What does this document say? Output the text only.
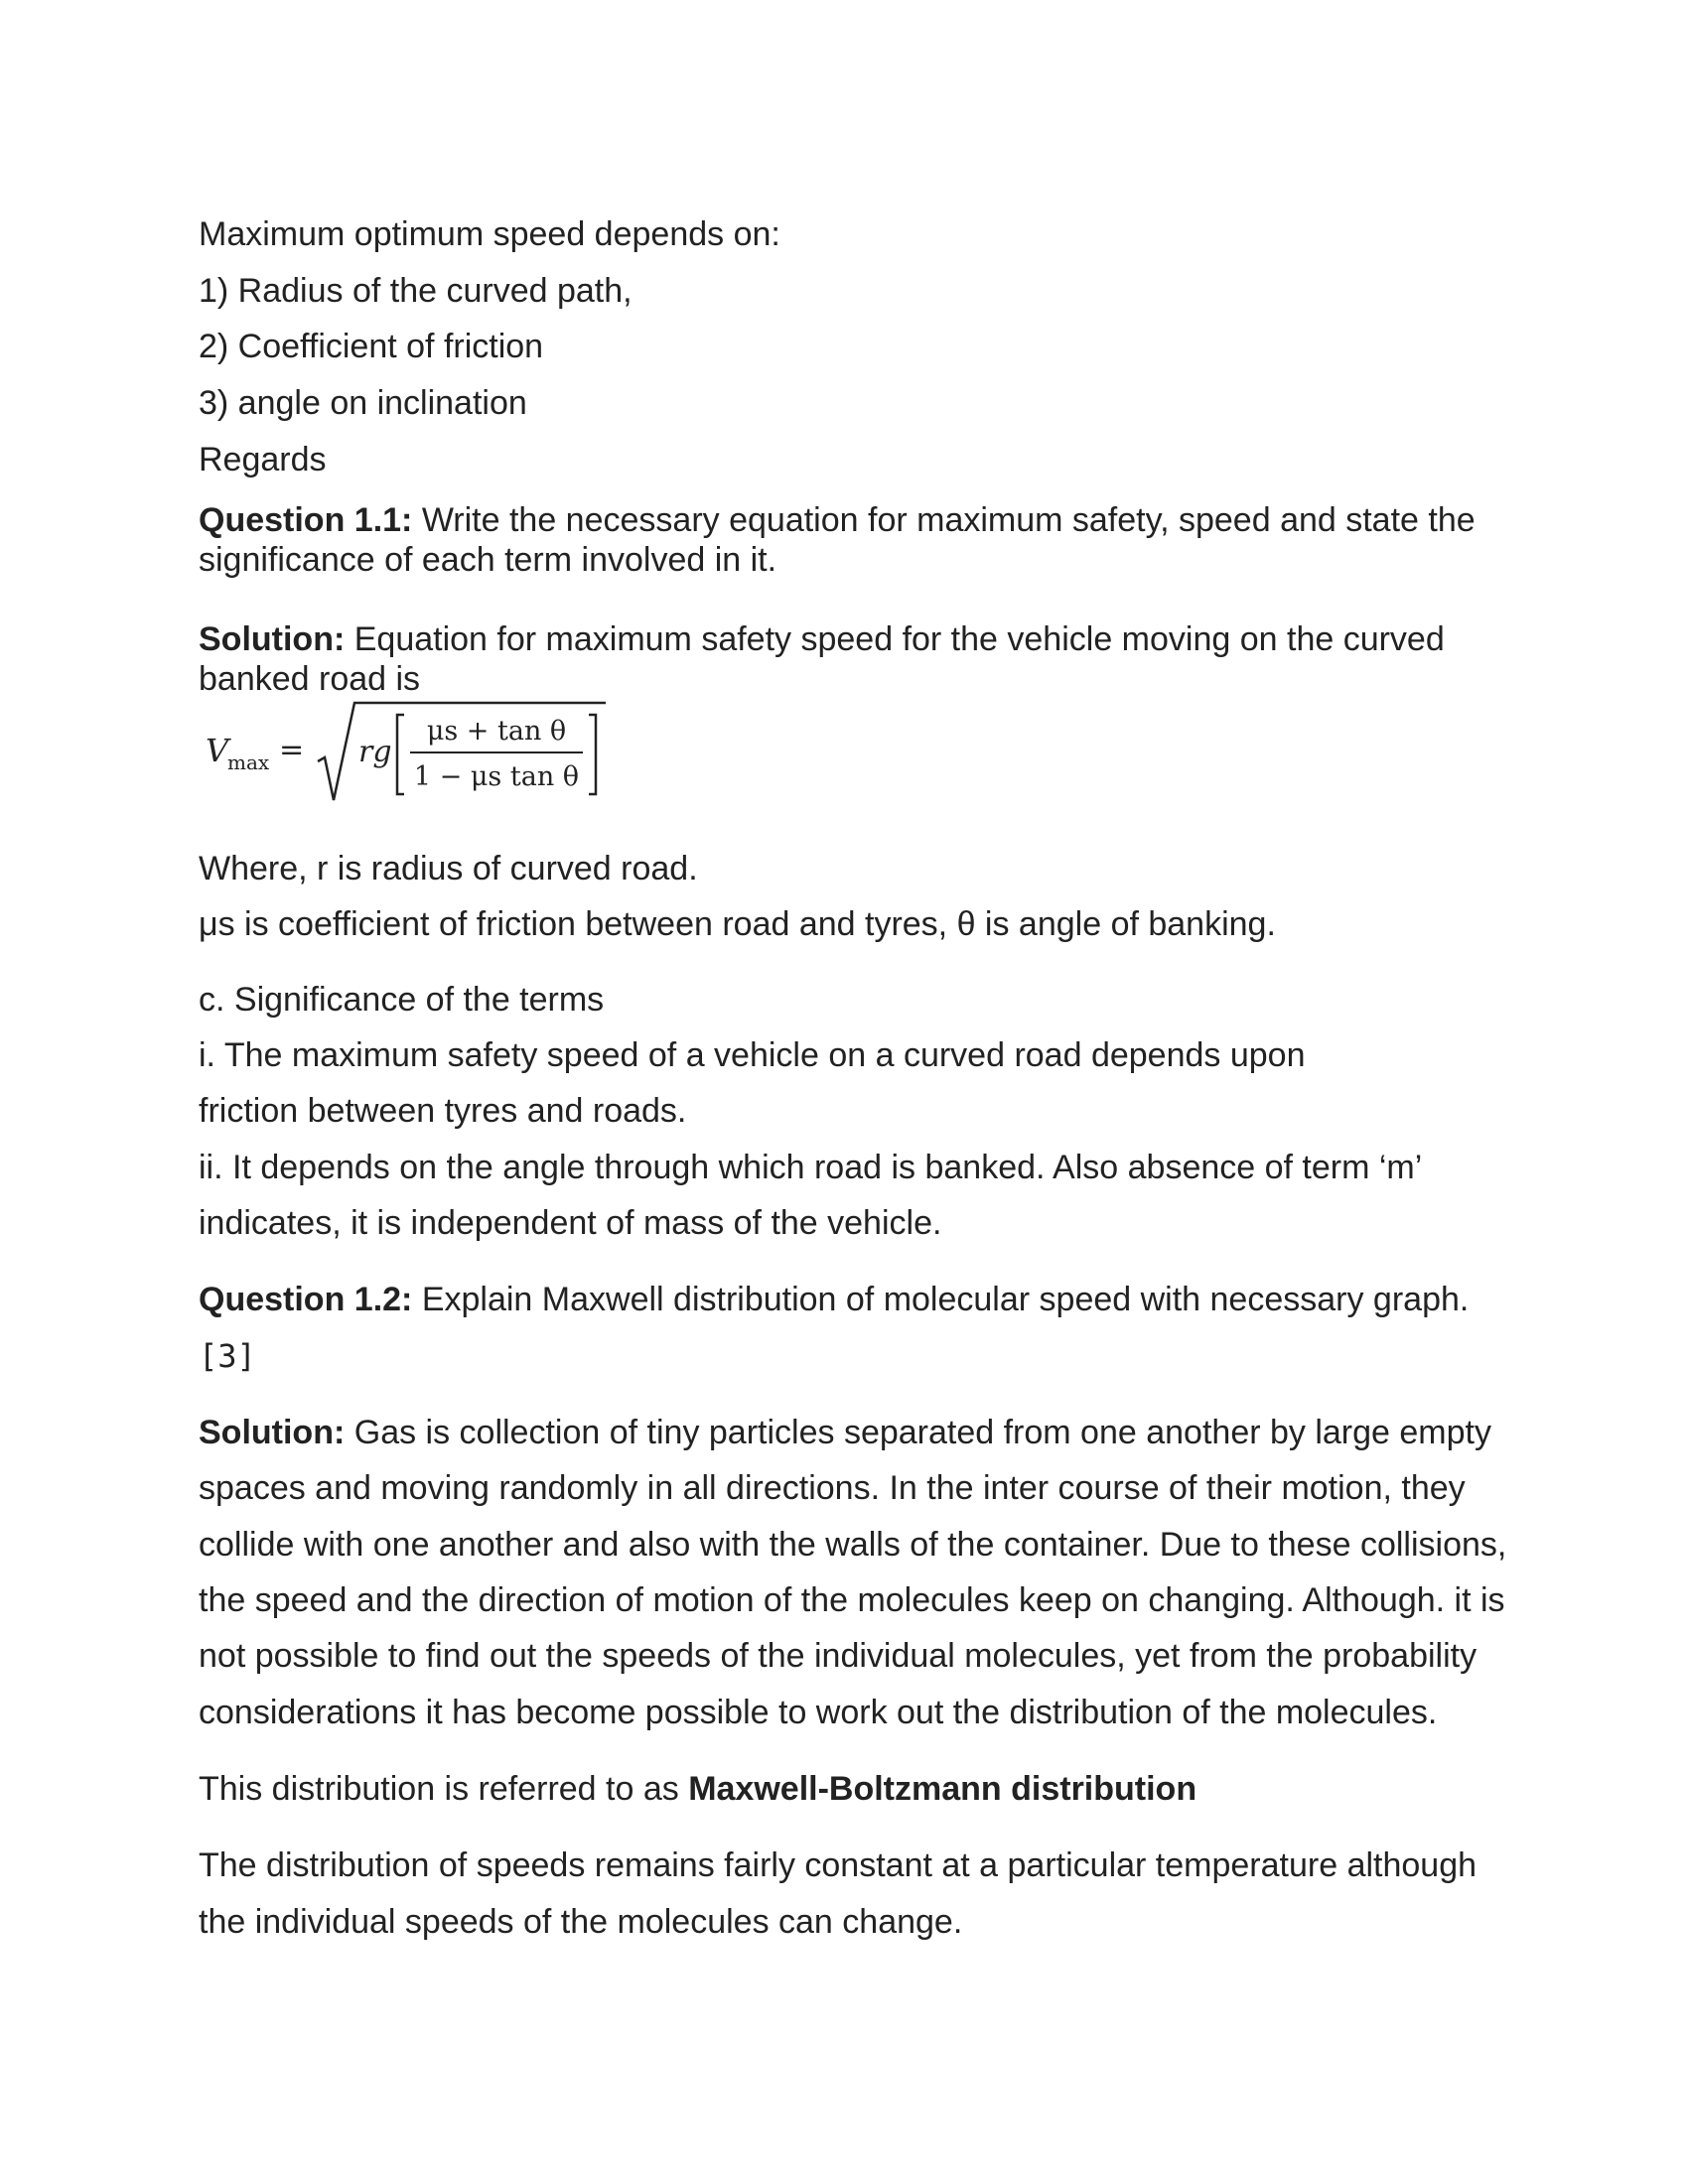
Maximum optimum speed depends on:

1) Radius of the curved path,

2) Coefficient of friction

3) angle on inclination

Regards

Question 1.1: Write the necessary equation for maximum safety, speed and state the

significance of each term involved in it.

Solution: Equation for maximum safety speed for the vehicle moving on the curved

banked road is

V
max = rg
μs + tan θ
1 − μs tan θ

Where, r is radius of curved road.

μs is coefficient of friction between road and tyres, θ is angle of banking.

c. Significance of the terms

i. The maximum safety speed of a vehicle on a curved road depends upon

friction between tyres and roads.

ii. It depends on the angle through which road is banked. Also absence of term ‘m’

indicates, it is independent of mass of the vehicle.

Question 1.2: Explain Maxwell distribution of molecular speed with necessary graph.

[3]

Solution: Gas is collection of tiny particles separated from one another by large empty

spaces and moving randomly in all directions. In the inter course of their motion, they

collide with one another and also with the walls of the container. Due to these collisions,

the speed and the direction of motion of the molecules keep on changing. Although. it is

not possible to find out the speeds of the individual molecules, yet from the probability

considerations it has become possible to work out the distribution of the molecules.

This distribution is referred to as Maxwell-Boltzmann distribution

The distribution of speeds remains fairly constant at a particular temperature although

the individual speeds of the molecules can change.
